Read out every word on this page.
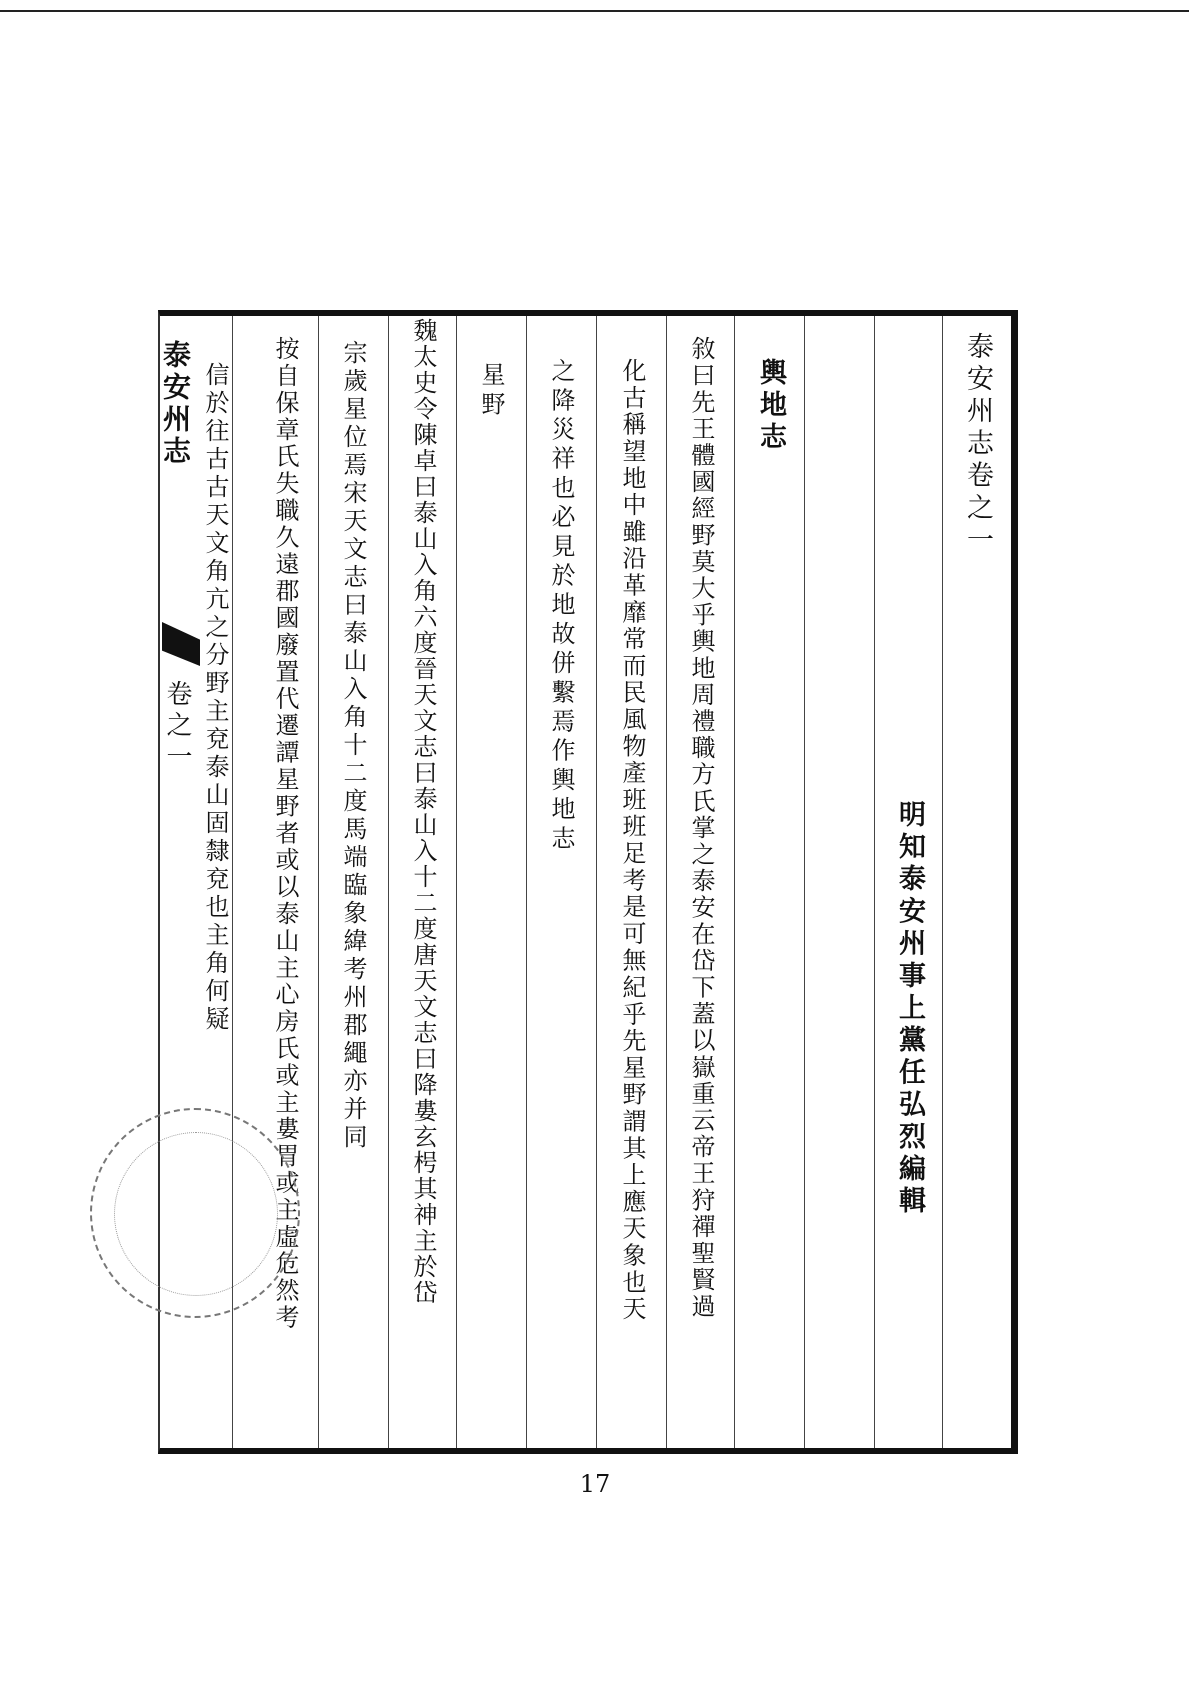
泰安州志
卷之一
泰安州志卷之一
明知泰安州事上黨任弘烈編輯
輿地志
敘曰先王體國經野莫大乎輿地周禮職方氏掌之泰安在岱下蓋以嶽重云帝王狩禪聖賢過
化古稱望地中雖沿革靡常而民風物產班班足考是可無紀乎先星野謂其上應天象也天
之降災祥也必見於地故併繫焉作輿地志
星野
魏太史令陳卓曰泰山入角六度晉天文志曰泰山入十二度唐天文志曰降婁玄枵其神主於岱
宗歲星位焉宋天文志曰泰山入角十二度馬端臨象緯考州郡繩亦并同
按自保章氏失職久遠郡國廢置代遷譚星野者或以泰山主心房氏或主婁胃或主虛危然考
信於往古古天文角亢之分野主兗泰山固隸兗也主角何疑
17
